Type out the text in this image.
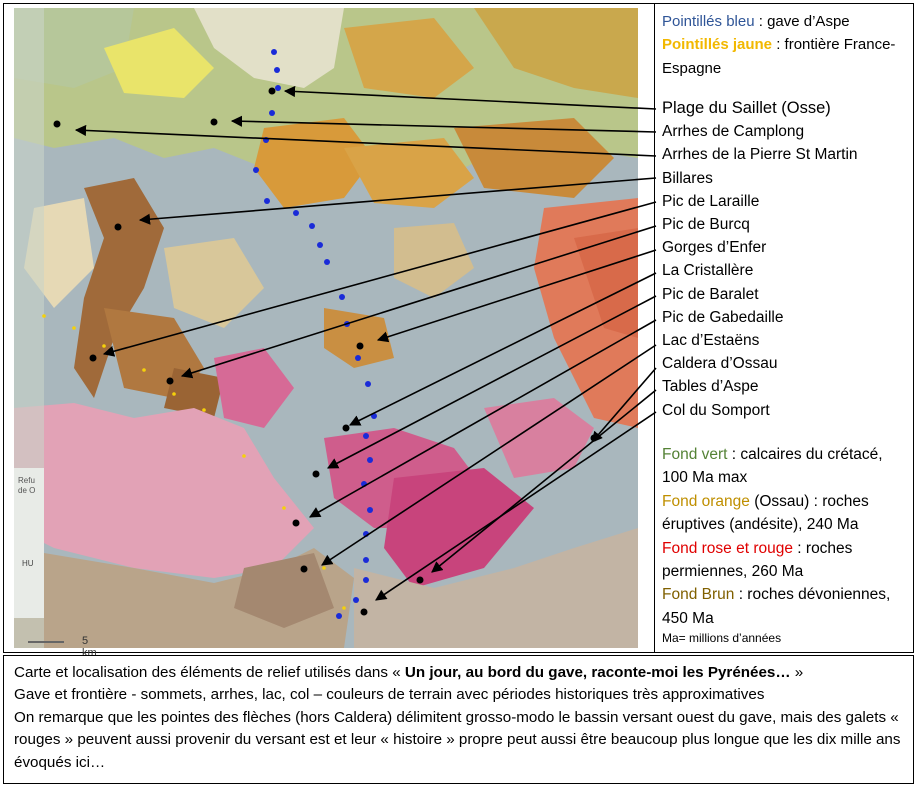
Refu
de O
HU
5 km

Pointillés bleu : gave d’Aspe

Pointillés jaune : frontière France-Espagne

Plage du Saillet (Osse)
Arrhes de Camplong
Arrhes de la Pierre St Martin
Billares
Pic de Laraille
Pic de Burcq
Gorges d’Enfer
La Cristallère
Pic de Baralet
Pic de Gabedaille
Lac d’Estaëns
Caldera d’Ossau
Tables d’Aspe
Col du Somport

Fond vert : calcaires du crétacé, 100 Ma max

Fond orange (Ossau) : roches éruptives (andésite), 240 Ma

Fond rose et rouge : roches permiennes, 260 Ma

Fond Brun : roches dévoniennes, 450 Ma

Ma= millions d’années

Carte et localisation des éléments de relief utilisés dans « Un jour, au bord du gave, raconte-moi les Pyrénées… »

Gave et frontière - sommets, arrhes, lac, col – couleurs de terrain avec périodes historiques très approximatives

On remarque que les pointes des flèches (hors Caldera) délimitent grosso-modo le bassin versant ouest du gave, mais des galets « rouges » peuvent aussi provenir du versant est et leur « histoire » propre peut aussi être beaucoup plus longue que les dix mille ans évoqués ici…
